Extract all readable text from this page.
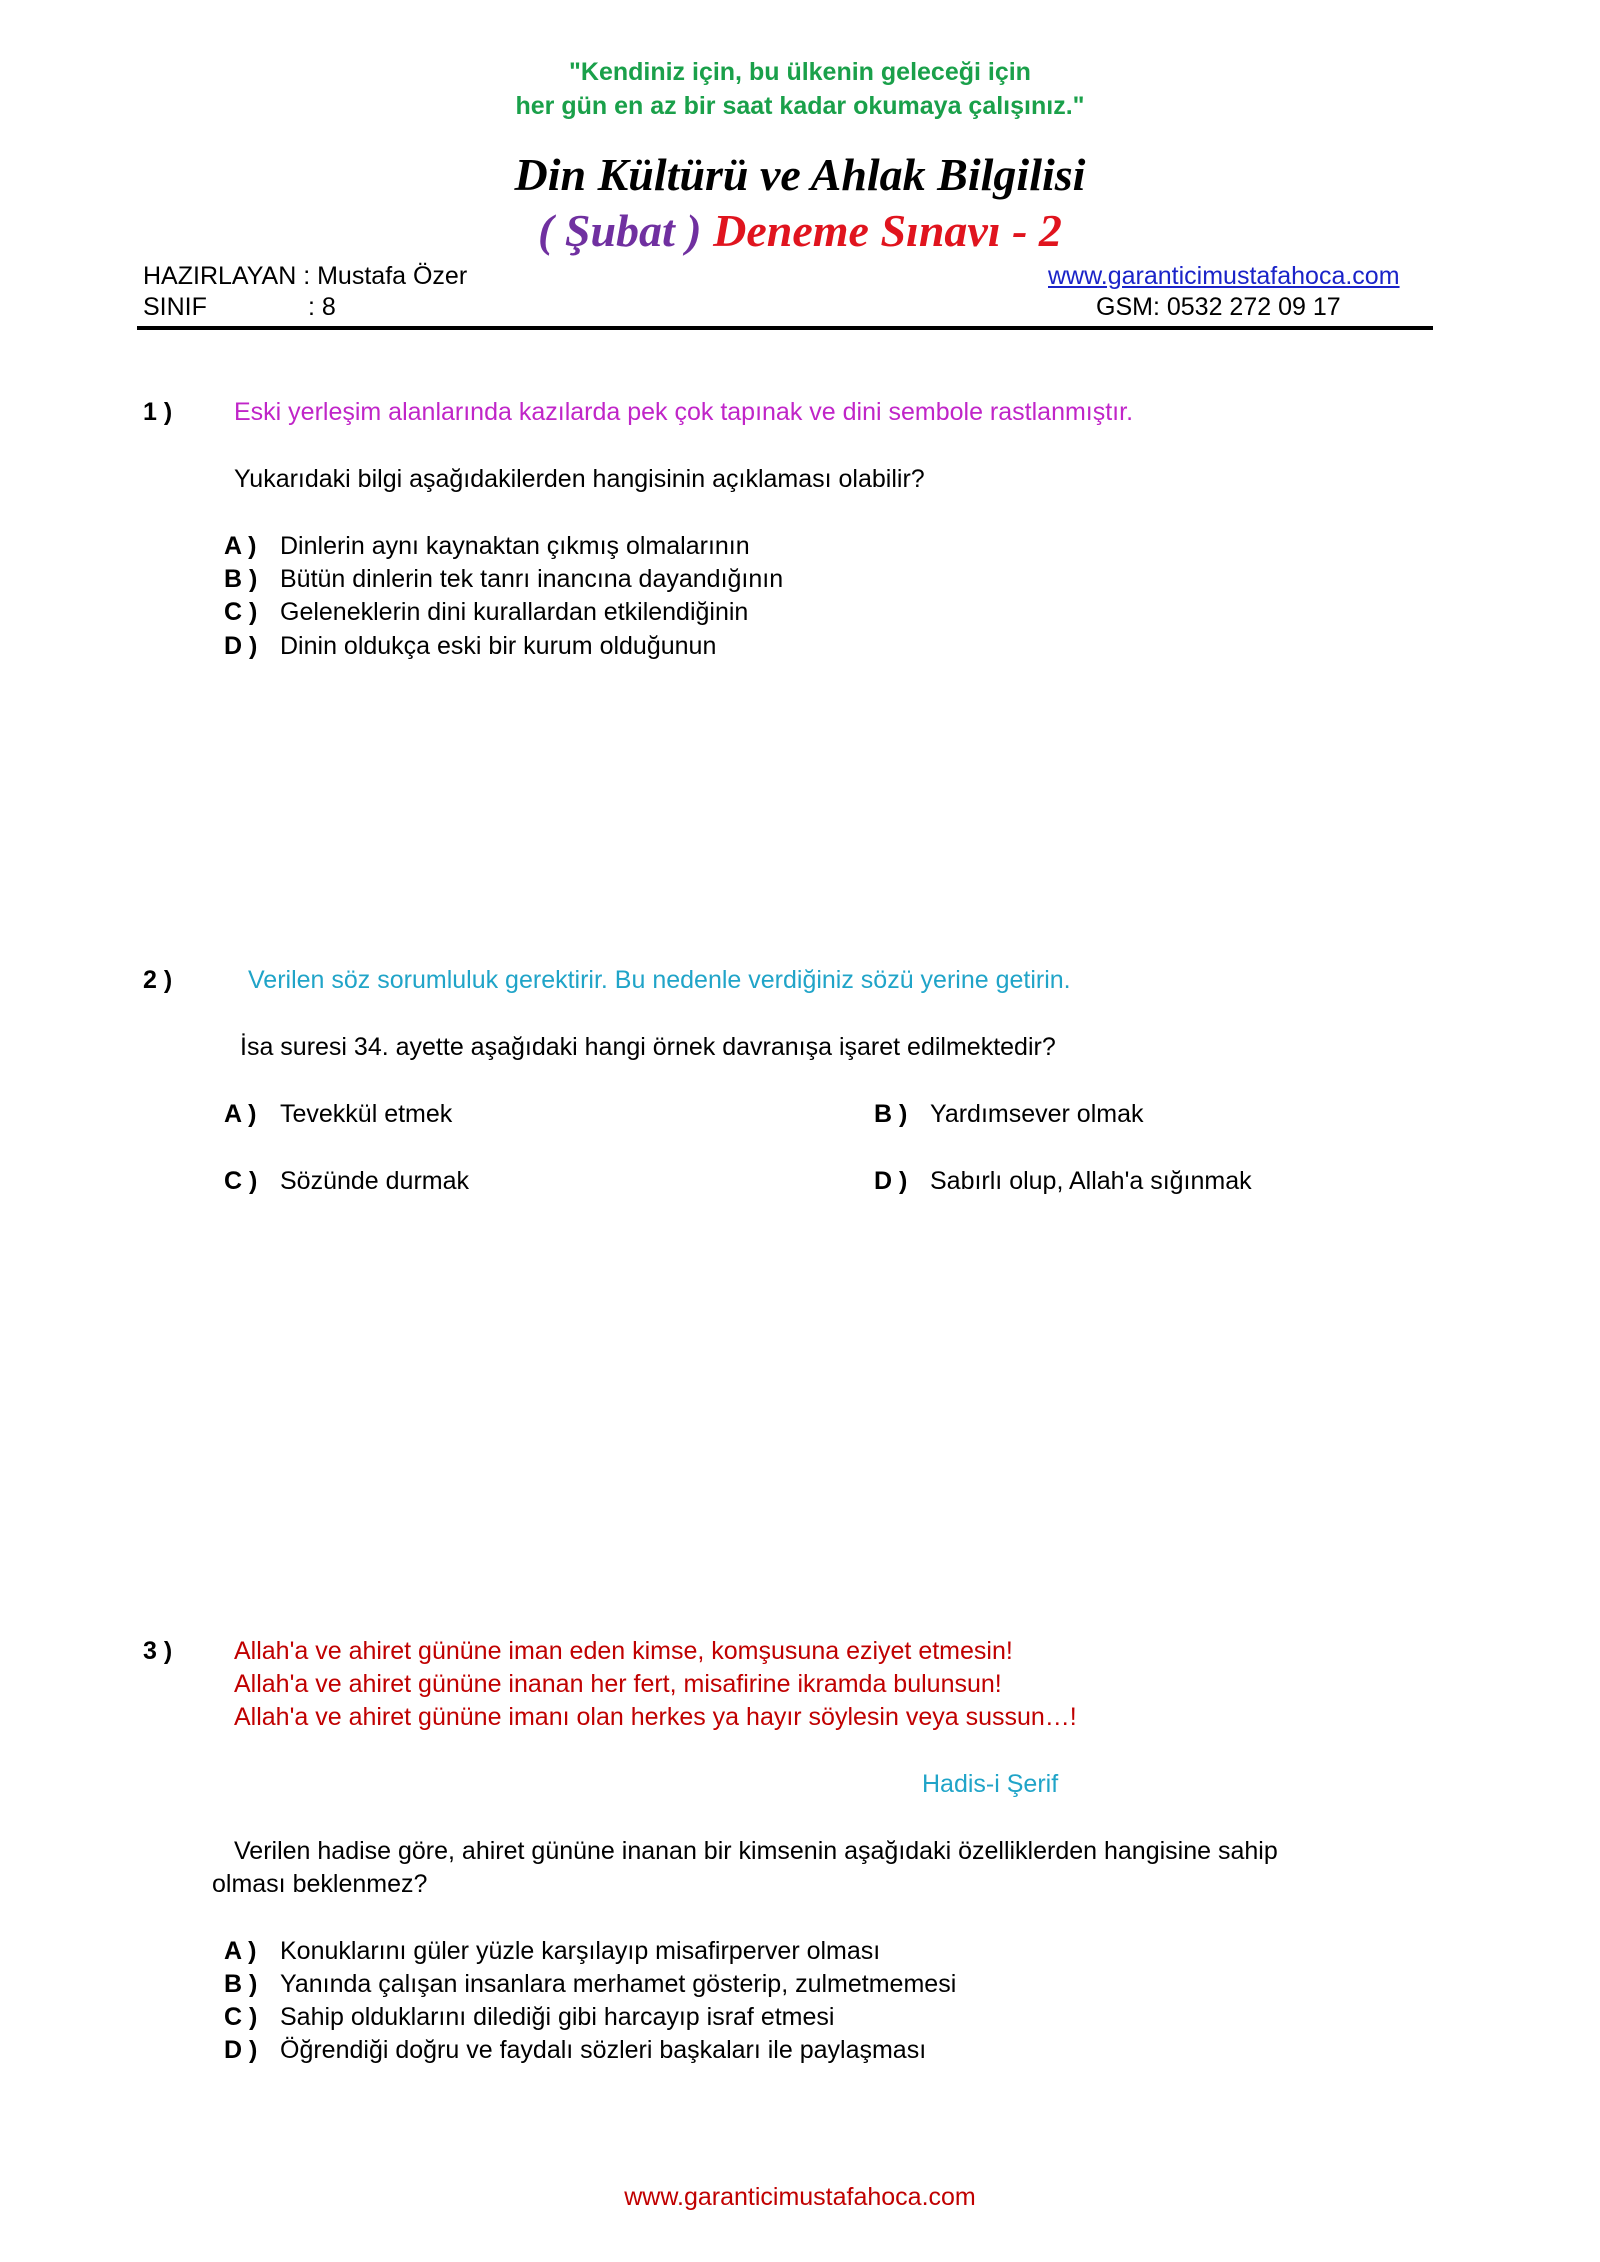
"Kendiniz için, bu ülkenin geleceği için
her gün en az bir saat kadar okumaya çalışınız."
Din Kültürü ve Ahlak Bilgilisi
( Şubat ) Deneme Sınavı - 2
HAZIRLAYAN : Mustafa Özer
SINIF	: 8
www.garanticimustafahoca.com
GSM: 0532 272 09 17
1 ) Eski yerleşim alanlarında kazılarda pek çok tapınak ve dini sembole rastlanmıştır.
Yukarıdaki bilgi aşağıdakilerden hangisinin açıklaması olabilir?
A ) Dinlerin aynı kaynaktan çıkmış olmalarının
B ) Bütün dinlerin tek tanrı inancına dayandığının
C ) Geleneklerin dini kurallardan etkilendiğinin
D ) Dinin oldukça eski bir kurum olduğunun
2 )	Verilen söz sorumluluk gerektirir. Bu nedenle verdiğiniz sözü yerine getirin.
İsa suresi 34. ayette aşağıdaki hangi örnek davranışa işaret edilmektedir?
A ) Tevekkül etmek	B ) Yardımsever olmak
C ) Sözünde durmak	D ) Sabırlı olup, Allah'a sığınmak
3 ) Allah'a ve ahiret gününe iman eden kimse, komşusuna eziyet etmesin!
Allah'a ve ahiret gününe inanan her fert, misafirine ikramda bulunsun!
Allah'a ve ahiret gününe imanı olan herkes ya hayır söylesin veya sussun…!
Hadis-i Şerif
Verilen hadise göre, ahiret gününe inanan bir kimsenin aşağıdaki özelliklerden hangisine sahip
olması beklenmez?
A ) Konuklarını güler yüzle karşılayıp misafirperver olması
B ) Yanında çalışan insanlara merhamet gösterip, zulmetmemesi
C ) Sahip olduklarını dilediği gibi harcayıp israf etmesi
D ) Öğrendiği doğru ve faydalı sözleri başkaları ile paylaşması
www.garanticimustafahoca.com
